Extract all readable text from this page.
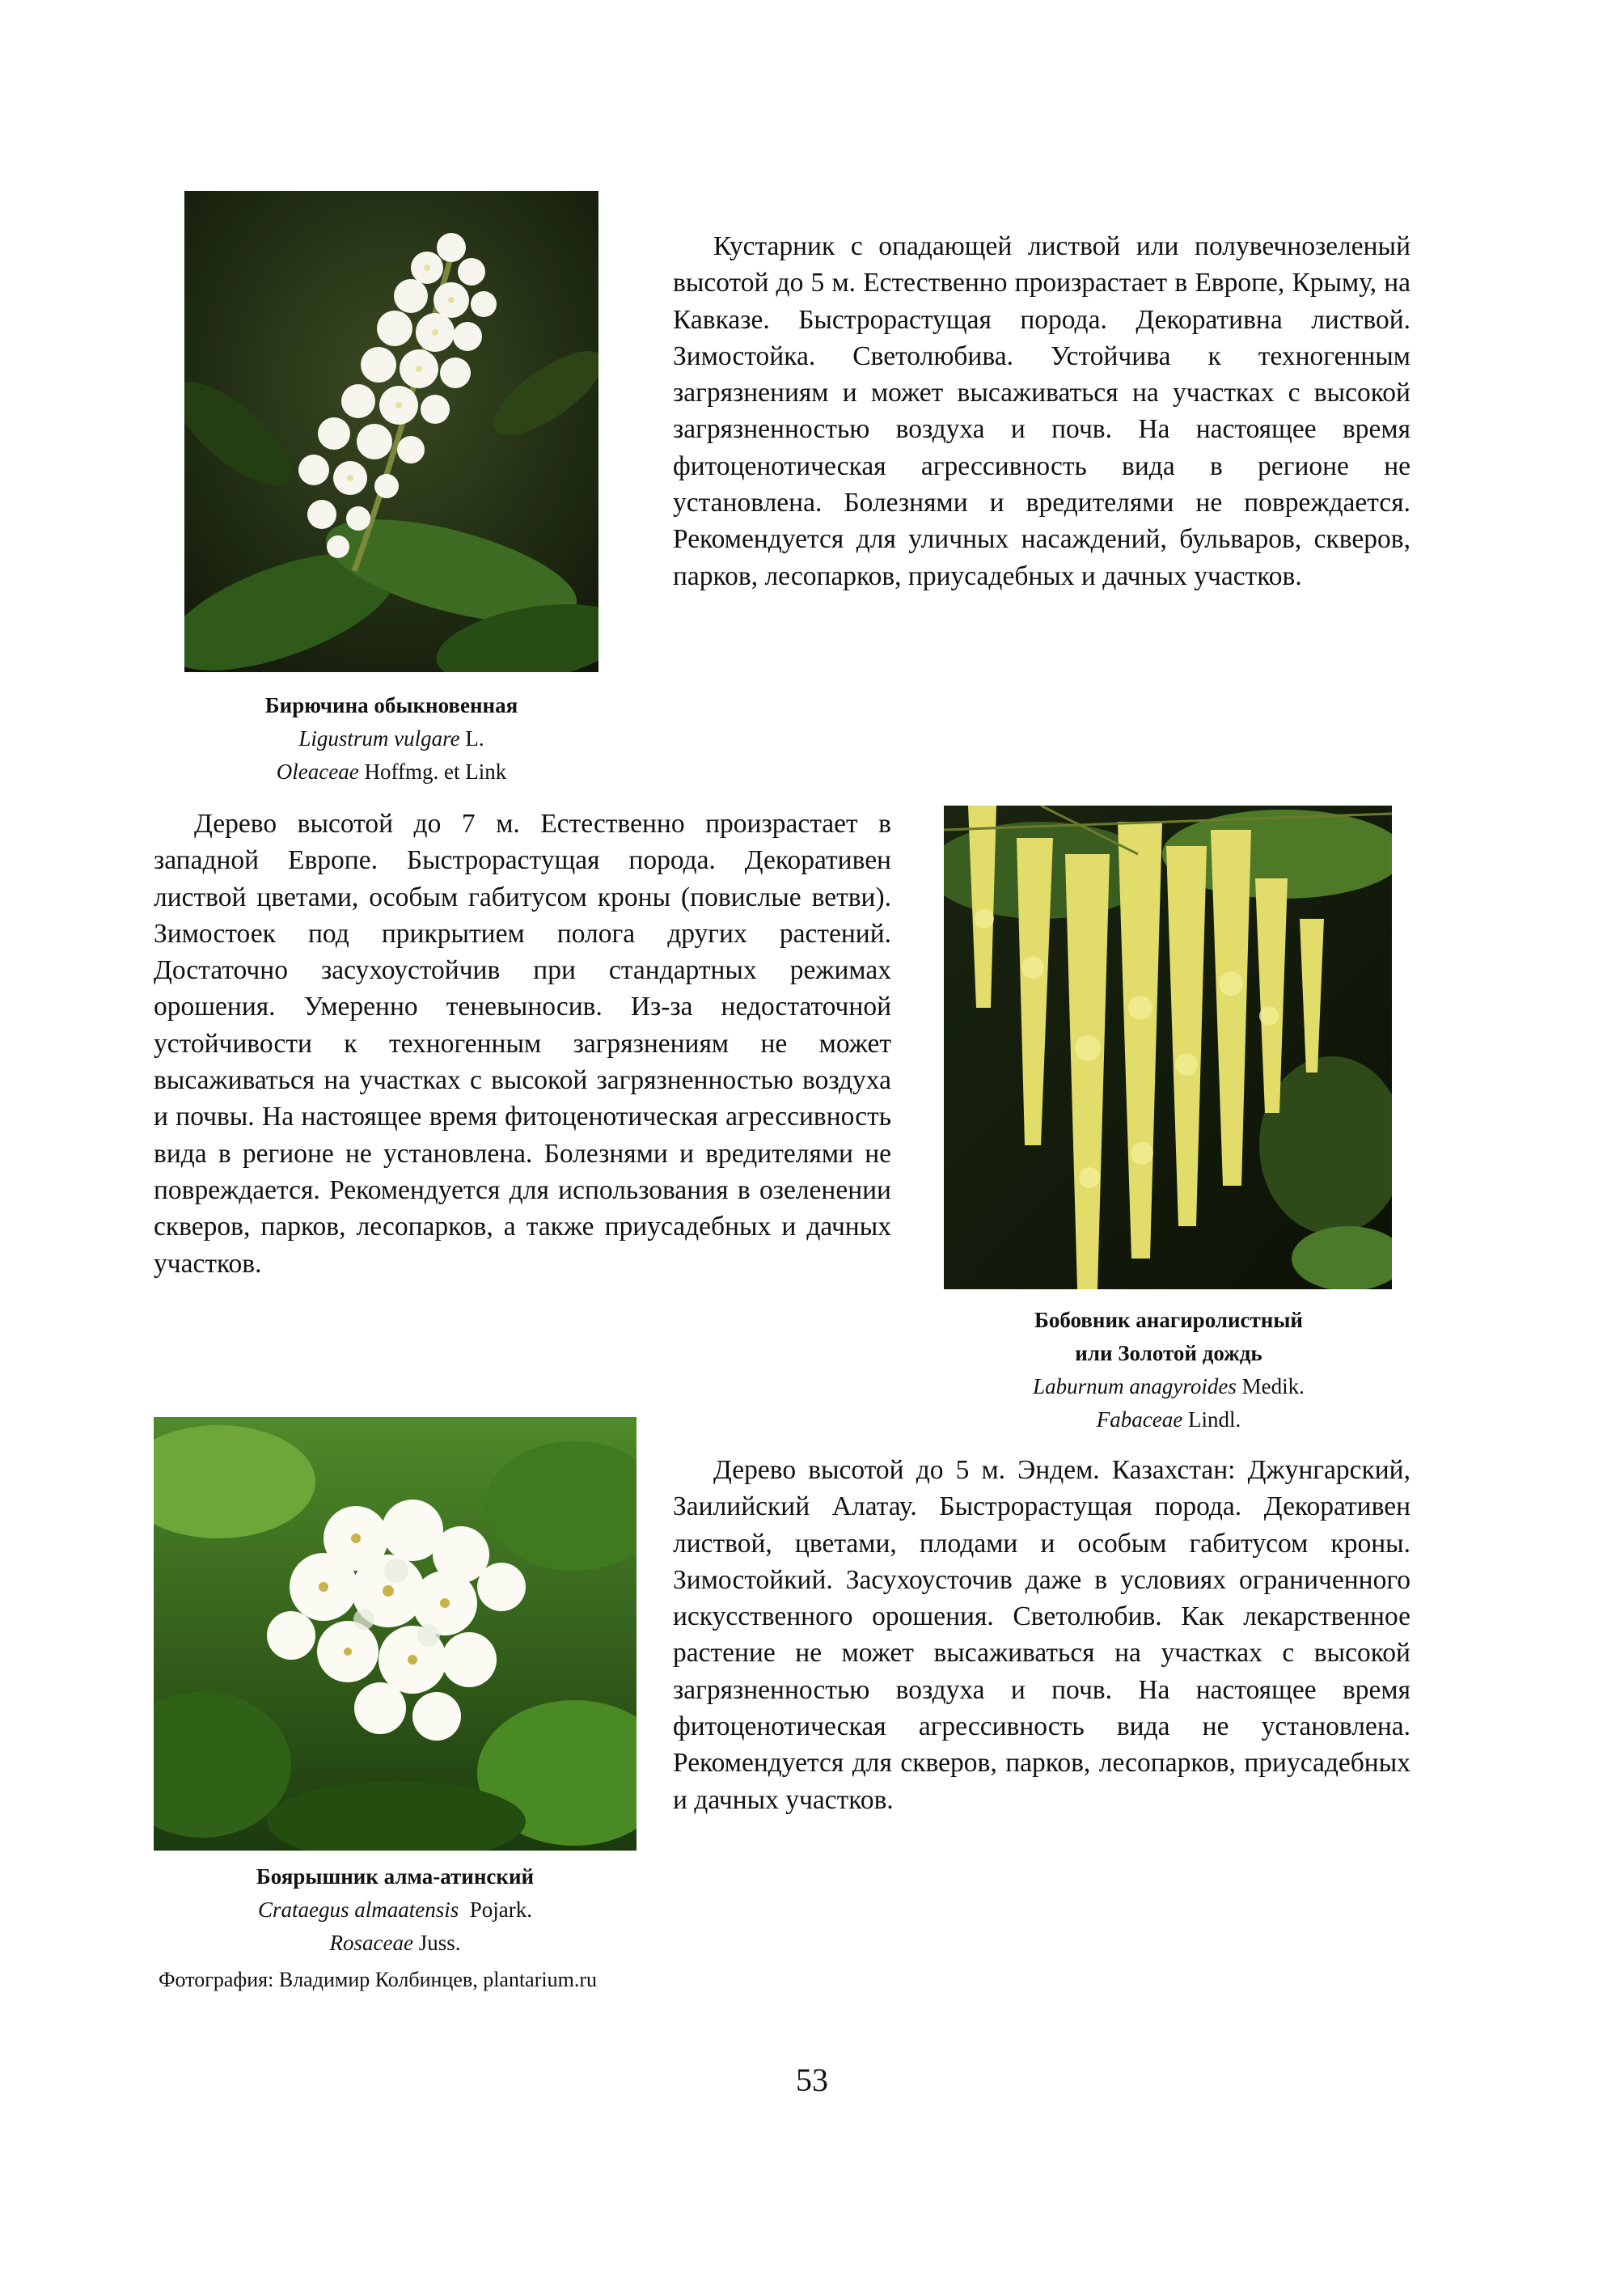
Бирючина обыкновенная
Ligustrum vulgare L.
Oleaceae Hoffmg. et Link

Кустарник с опадающей листвой или полувечнозеленый высотой до 5 м. Естественно произрастает в Европе, Крыму, на Кавказе. Быстрорастущая порода. Декоративна листвой. Зимостойка. Светолюбива. Устойчива к техногенным загрязнениям и может высаживаться на участках с высокой загрязненностью воздуха и почв. На настоящее время фитоценотическая агрессивность вида в регионе не установлена. Болезнями и вредителями не повреждается. Рекомендуется для уличных насаждений, бульваров, скверов, парков, лесопарков, приусадебных и дачных участков.

Дерево высотой до 7 м. Естественно произрастает в западной Европе. Быстрорастущая порода. Декоративен листвой цветами, особым габитусом кроны (повислые ветви). Зимостоек под прикрытием полога других растений. Достаточно засухоустойчив при стандартных режимах орошения. Умеренно теневыносив. Из-за недостаточной устойчивости к техногенным загрязнениям не может высаживаться на участках с высокой загрязненностью воздуха и почвы. На настоящее время фитоценотическая агрессивность вида в регионе не установлена. Болезнями и вредителями не повреждается. Рекомендуется для использования в озеленении скверов, парков, лесопарков, а также приусадебных и дачных участков.

Бобовник анагиролистный
или Золотой дождь
Laburnum anagyroides Medik.
Fabaceae Lindl.

Дерево высотой до 5 м. Эндем. Казахстан: Джунгарский, Заилийский Алатау. Быстрорастущая порода. Декоративен листвой, цветами, плодами и особым габитусом кроны. Зимостойкий. Засухоусточив даже в условиях ограниченного искусственного орошения. Светолюбив. Как лекарственное растение не может высаживаться на участках с высокой загрязненностью воздуха и почв. На настоящее время фитоценотическая агрессивность вида не установлена. Рекомендуется для скверов, парков, лесопарков, приусадебных и дачных участков.

Боярышник алма-атинский
Crataegus almaatensis  Pojark.
Rosaceae Juss.
Фотография: Владимир Колбинцев, plantarium.ru
53
